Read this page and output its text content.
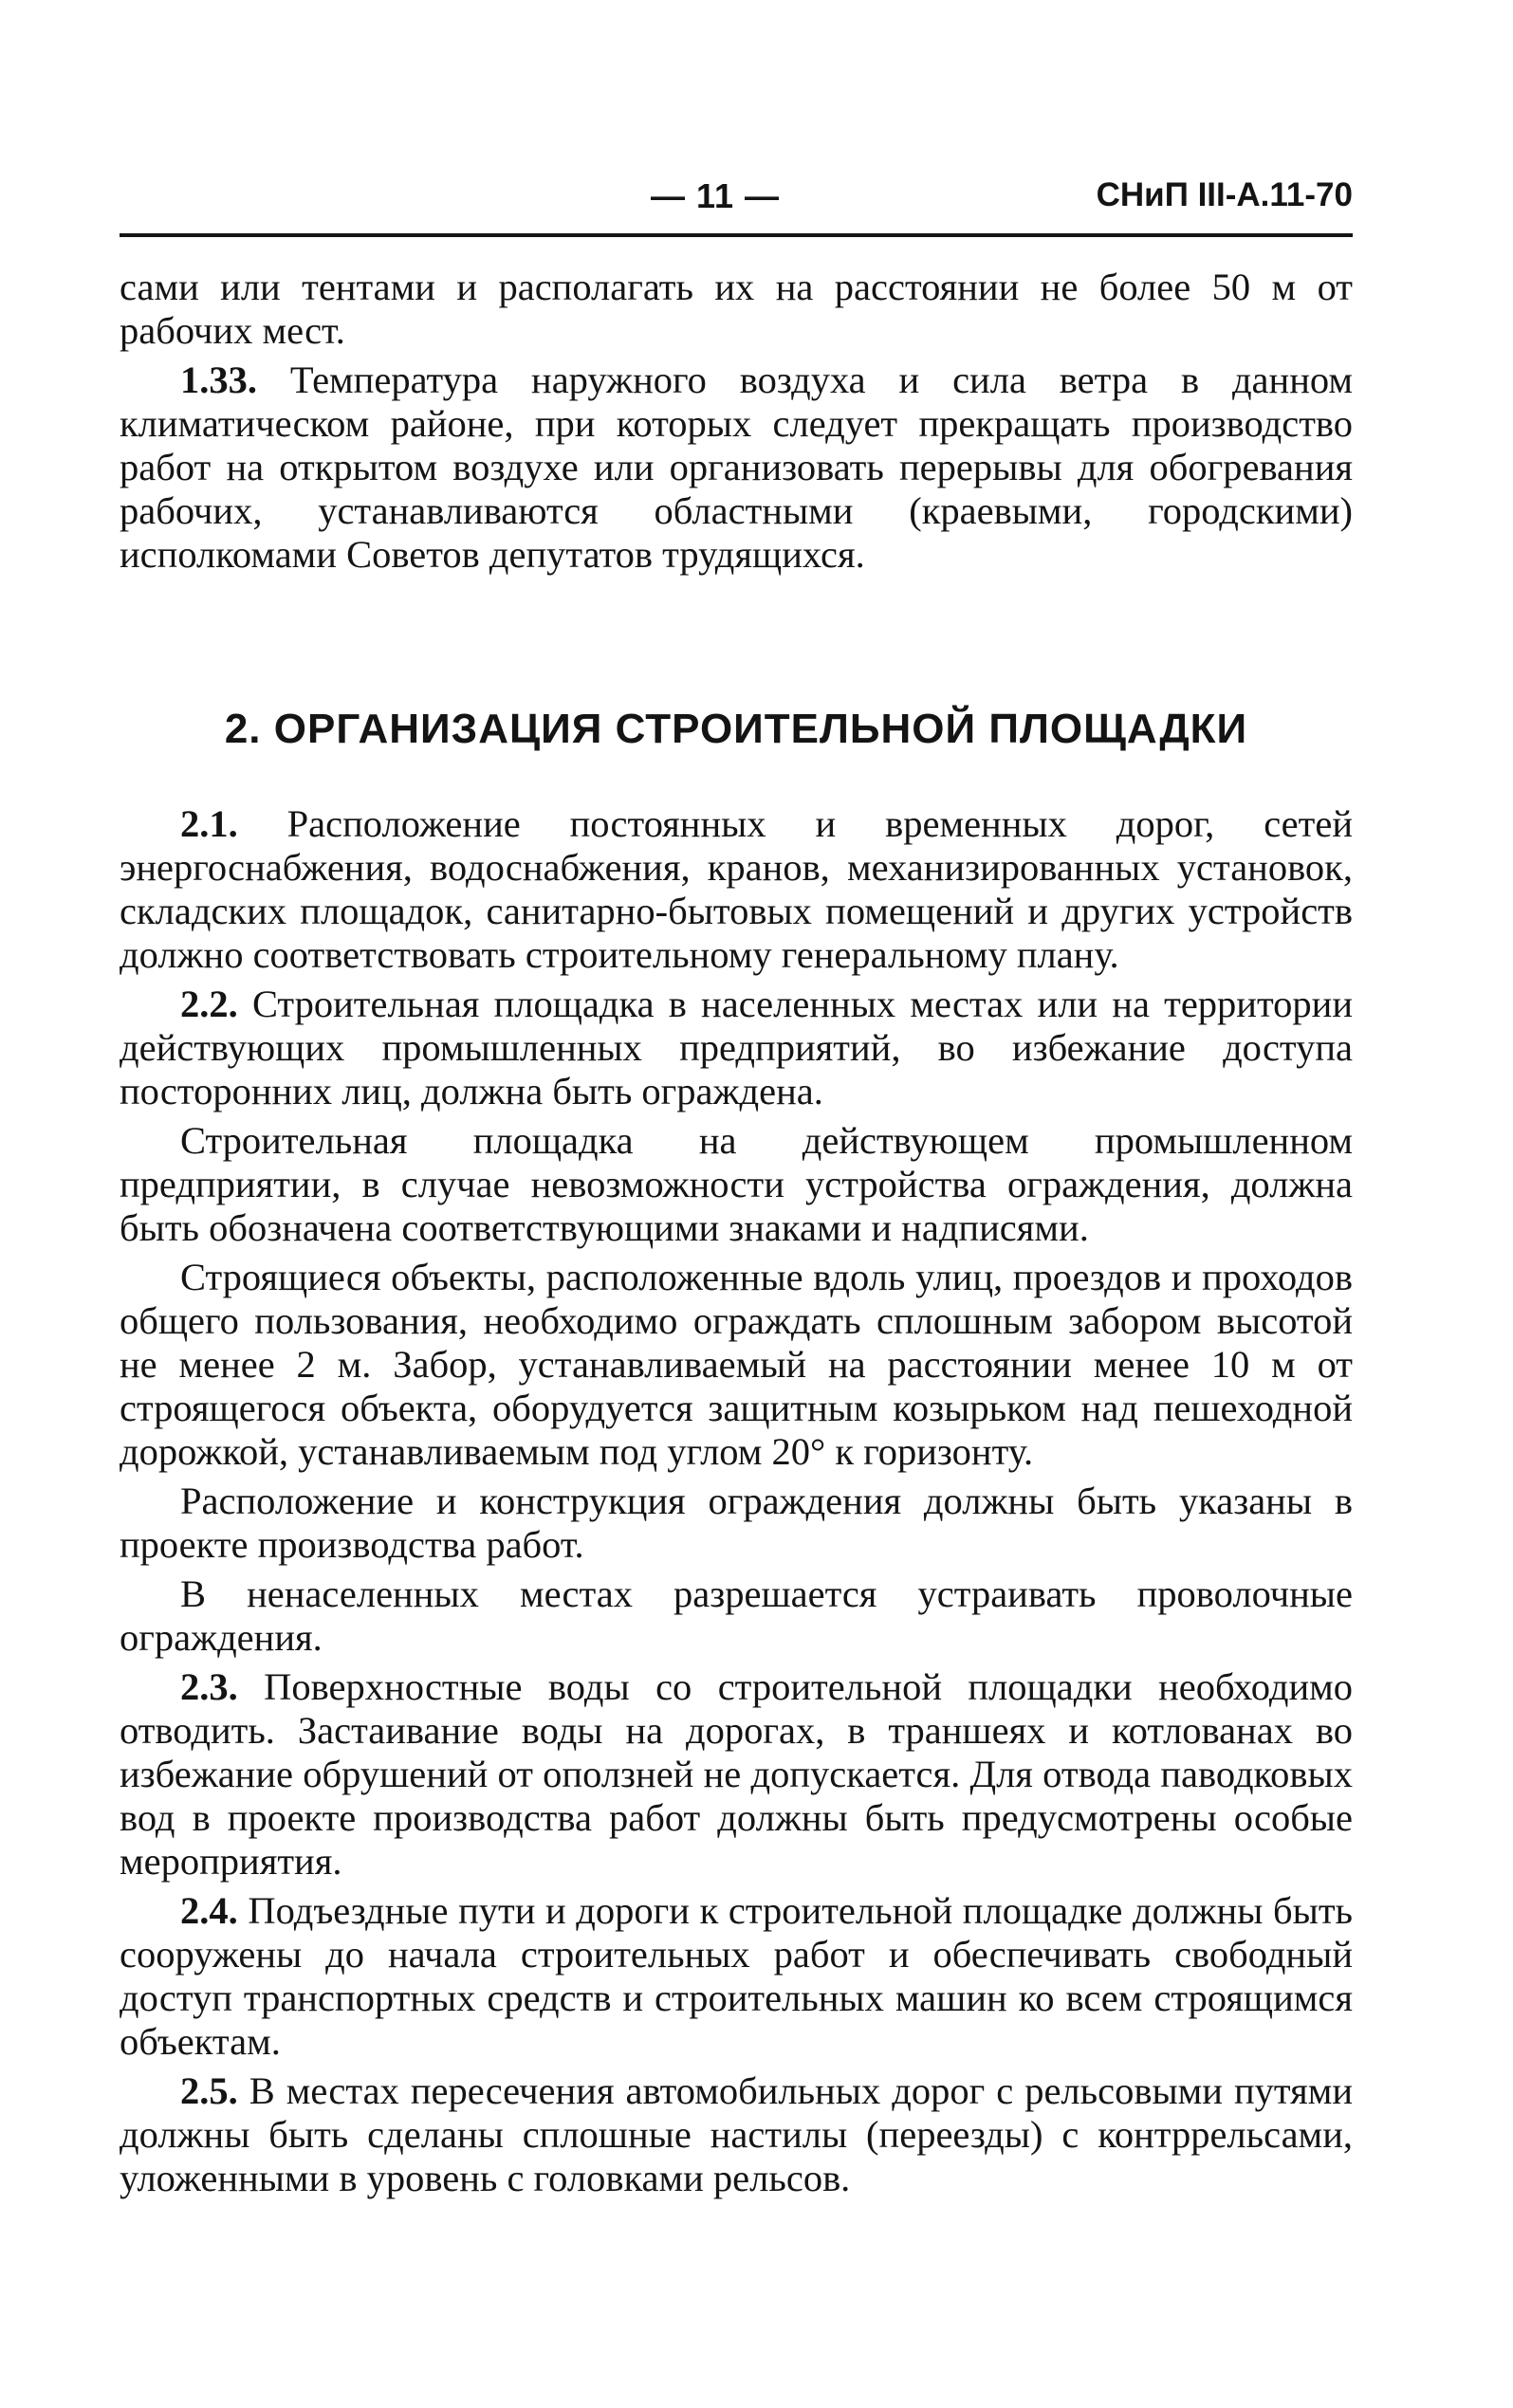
— 11 —	СНиП III-А.11-70

сами или тентами и располагать их на расстоянии не более 50 м от рабочих мест.

1.33. Температура наружного воздуха и сила ветра в данном климатическом районе, при которых следует прекращать производство работ на открытом воздухе или организовать перерывы для обогревания рабочих, устанавливаются областными (краевыми, городскими) исполкомами Советов депутатов трудящихся.

2. ОРГАНИЗАЦИЯ СТРОИТЕЛЬНОЙ ПЛОЩАДКИ

2.1. Расположение постоянных и временных дорог, сетей энергоснабжения, водоснабжения, кранов, механизированных установок, складских площадок, санитарно-бытовых помещений и других устройств должно соответствовать строительному генеральному плану.

2.2. Строительная площадка в населенных местах или на территории действующих промышленных предприятий, во избежание доступа посторонних лиц, должна быть ограждена.

Строительная площадка на действующем промышленном предприятии, в случае невозможности устройства ограждения, должна быть обозначена соответствующими знаками и надписями.

Строящиеся объекты, расположенные вдоль улиц, проездов и проходов общего пользования, необходимо ограждать сплошным забором высотой не менее 2 м. Забор, устанавливаемый на расстоянии менее 10 м от строящегося объекта, оборудуется защитным козырьком над пешеходной дорожкой, устанавливаемым под углом 20° к горизонту.

Расположение и конструкция ограждения должны быть указаны в проекте производства работ.

В ненаселенных местах разрешается устраивать проволочные ограждения.

2.3. Поверхностные воды со строительной площадки необходимо отводить. Застаивание воды на дорогах, в траншеях и котлованах во избежание обрушений от оползней не допускается. Для отвода паводковых вод в проекте производства работ должны быть предусмотрены особые мероприятия.

2.4. Подъездные пути и дороги к строительной площадке должны быть сооружены до начала строительных работ и обеспечивать свободный доступ транспортных средств и строительных машин ко всем строящимся объектам.

2.5. В местах пересечения автомобильных дорог с рельсовыми путями должны быть сделаны сплошные настилы (переезды) с контррельсами, уложенными в уровень с головками рельсов.
